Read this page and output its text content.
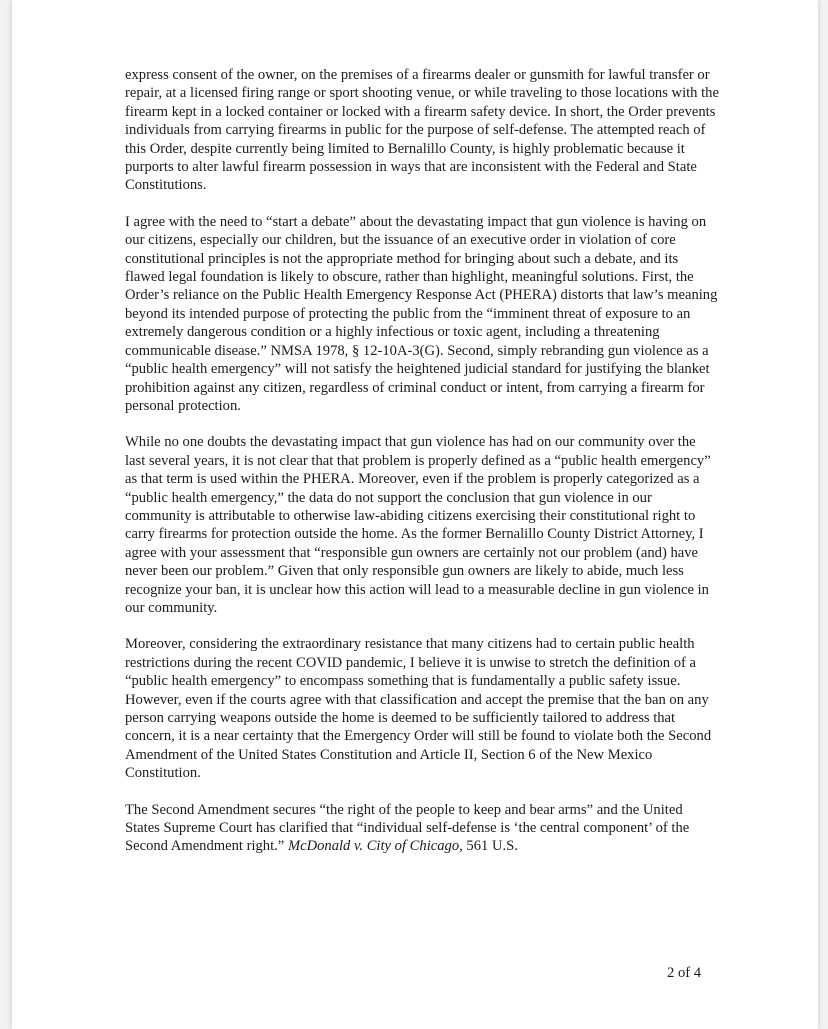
express consent of the owner, on the premises of a firearms dealer or gunsmith for lawful transfer or repair, at a licensed firing range or sport shooting venue, or while traveling to those locations with the firearm kept in a locked container or locked with a firearm safety device. In short, the Order prevents individuals from carrying firearms in public for the purpose of self-defense. The attempted reach of this Order, despite currently being limited to Bernalillo County, is highly problematic because it purports to alter lawful firearm possession in ways that are inconsistent with the Federal and State Constitutions.

I agree with the need to “start a debate” about the devastating impact that gun violence is having on our citizens, especially our children, but the issuance of an executive order in violation of core constitutional principles is not the appropriate method for bringing about such a debate, and its flawed legal foundation is likely to obscure, rather than highlight, meaningful solutions. First, the Order’s reliance on the Public Health Emergency Response Act (PHERA) distorts that law’s meaning beyond its intended purpose of protecting the public from the “imminent threat of exposure to an extremely dangerous condition or a highly infectious or toxic agent, including a threatening communicable disease.” NMSA 1978, § 12-10A-3(G). Second, simply rebranding gun violence as a “public health emergency” will not satisfy the heightened judicial standard for justifying the blanket prohibition against any citizen, regardless of criminal conduct or intent, from carrying a firearm for personal protection.

While no one doubts the devastating impact that gun violence has had on our community over the last several years, it is not clear that that problem is properly defined as a “public health emergency” as that term is used within the PHERA. Moreover, even if the problem is properly categorized as a “public health emergency,” the data do not support the conclusion that gun violence in our community is attributable to otherwise law-abiding citizens exercising their constitutional right to carry firearms for protection outside the home. As the former Bernalillo County District Attorney, I agree with your assessment that “responsible gun owners are certainly not our problem (and) have never been our problem.” Given that only responsible gun owners are likely to abide, much less recognize your ban, it is unclear how this action will lead to a measurable decline in gun violence in our community.

Moreover, considering the extraordinary resistance that many citizens had to certain public health restrictions during the recent COVID pandemic, I believe it is unwise to stretch the definition of a “public health emergency” to encompass something that is fundamentally a public safety issue. However, even if the courts agree with that classification and accept the premise that the ban on any person carrying weapons outside the home is deemed to be sufficiently tailored to address that concern, it is a near certainty that the Emergency Order will still be found to violate both the Second Amendment of the United States Constitution and Article II, Section 6 of the New Mexico Constitution.

The Second Amendment secures “the right of the people to keep and bear arms” and the United States Supreme Court has clarified that “individual self-defense is ‘the central component’ of the Second Amendment right.” McDonald v. City of Chicago, 561 U.S.

2 of 4
